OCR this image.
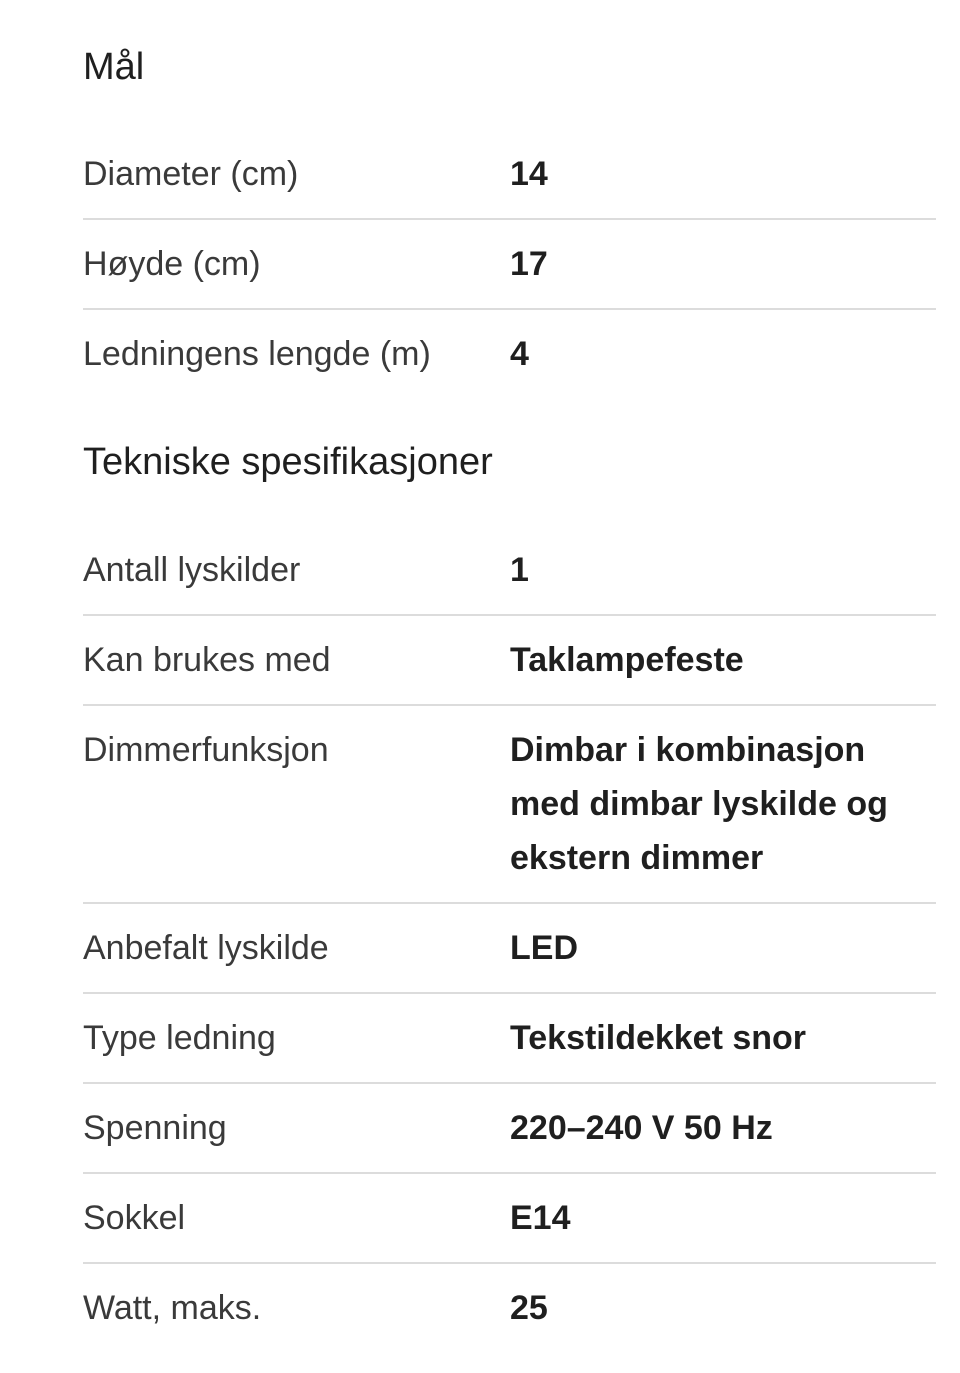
Mål
Diameter (cm)	14
Høyde (cm)	17
Ledningens lengde (m)	4
Tekniske spesifikasjoner
Antall lyskilder	1
Kan brukes med	Taklampefeste
Dimmerfunksjon	Dimbar i kombinasjon med dimbar lyskilde og ekstern dimmer
Anbefalt lyskilde	LED
Type ledning	Tekstildekket snor
Spenning	220–240 V 50 Hz
Sokkel	E14
Watt, maks.	25
